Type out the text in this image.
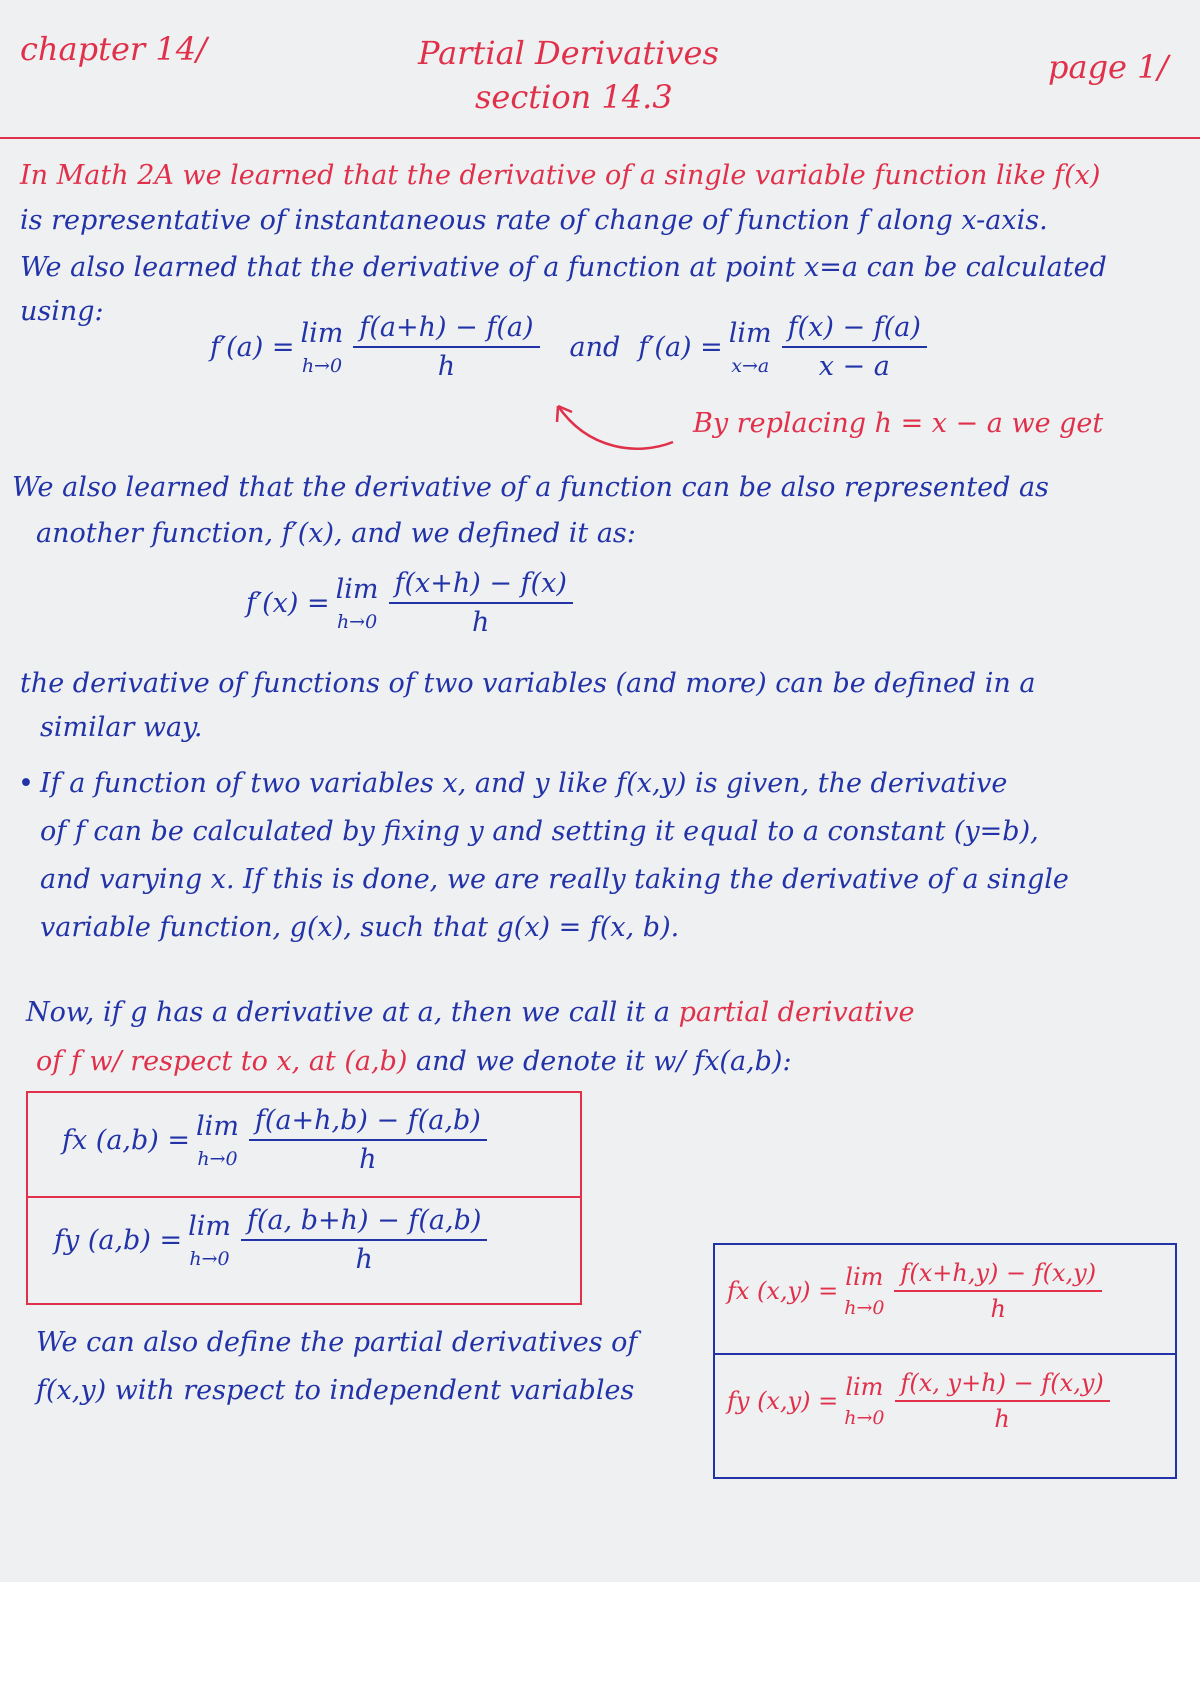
chapter 14/	Partial Derivatives
section 14.3
page 1/
In Math 2A we learned that the derivative of a single variable function like f(x)
is representative of instantaneous rate of change of function f along x-axis.
We also learned that the derivative of a function at point x=a can be calculated
using:
f′(a) = lim
$h\to 0 \frac{f(a+h) - f(a)}{h}$ and f′(a) = lim
$x\to a \frac{f(x) - f(a)}{x - a}$
By replacing h = x − a we get
We also learned that the derivative of a function can be also represented as
another function, f′(x), and we defined it as:
f′(x) = lim
$h\to 0 \frac{f(x+h) - f(x)}{h}$
the derivative of functions of two variables (and more) can be defined in a
similar way.
• If a function of two variables x, and y like f(x,y) is given, the derivative
of f can be calculated by fixing y and setting it equal to a constant (y=b),
and varying x. If this is done, we are really taking the derivative of a single
variable function, g(x), such that g(x) = f(x, b).
Now, if g has a derivative at a, then we call it a partial derivative
of f w/ respect to x, at (a,b) and we denote it w/ fx(a,b):
fx (a,b) = lim
$h\to 0 \frac{f(a+h,b) - f(a,b)}{h}$
fy (a,b) = lim
$h\to 0 \frac{f(a, b+h) - f(a,b)}{h}$
We can also define the partial derivatives of
f(x,y) with respect to independent variables
fx (x,y) = lim
$h\to 0 \frac{f(x+h,y) - f(x,y)}{h}$
fy (x,y) = lim
$h\to 0 \frac{f(x, y+h) - f(x,y)}{h}$
